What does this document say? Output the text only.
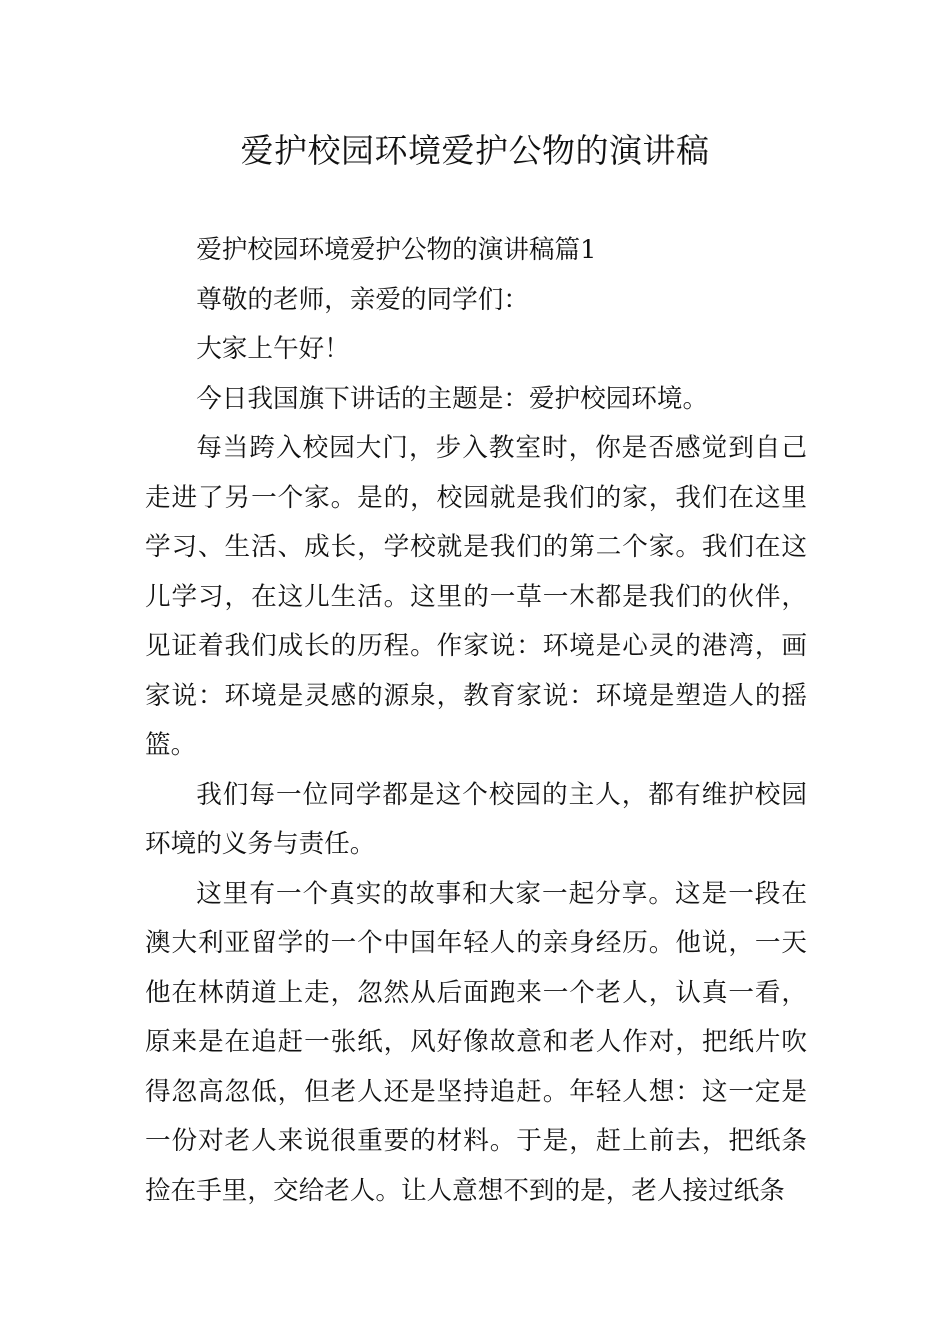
爱护校园环境爱护公物的演讲稿

爱护校园环境爱护公物的演讲稿篇1

尊敬的老师，亲爱的同学们：

大家上午好！

今日我国旗下讲话的主题是：爱护校园环境。

每当跨入校园大门，步入教室时，你是否感觉到自己走进了另一个家。是的，校园就是我们的家，我们在这里学习、生活、成长，学校就是我们的第二个家。我们在这儿学习，在这儿生活。这里的一草一木都是我们的伙伴，见证着我们成长的历程。作家说：环境是心灵的港湾，画家说：环境是灵感的源泉，教育家说：环境是塑造人的摇篮。

我们每一位同学都是这个校园的主人，都有维护校园环境的义务与责任。

这里有一个真实的故事和大家一起分享。这是一段在澳大利亚留学的一个中国年轻人的亲身经历。他说，一天他在林荫道上走，忽然从后面跑来一个老人，认真一看，原来是在追赶一张纸，风好像故意和老人作对，把纸片吹得忽高忽低，但老人还是坚持追赶。年轻人想：这一定是一份对老人来说很重要的材料。于是，赶上前去，把纸条捡在手里，交给老人。让人意想不到的是，老人接过纸条
